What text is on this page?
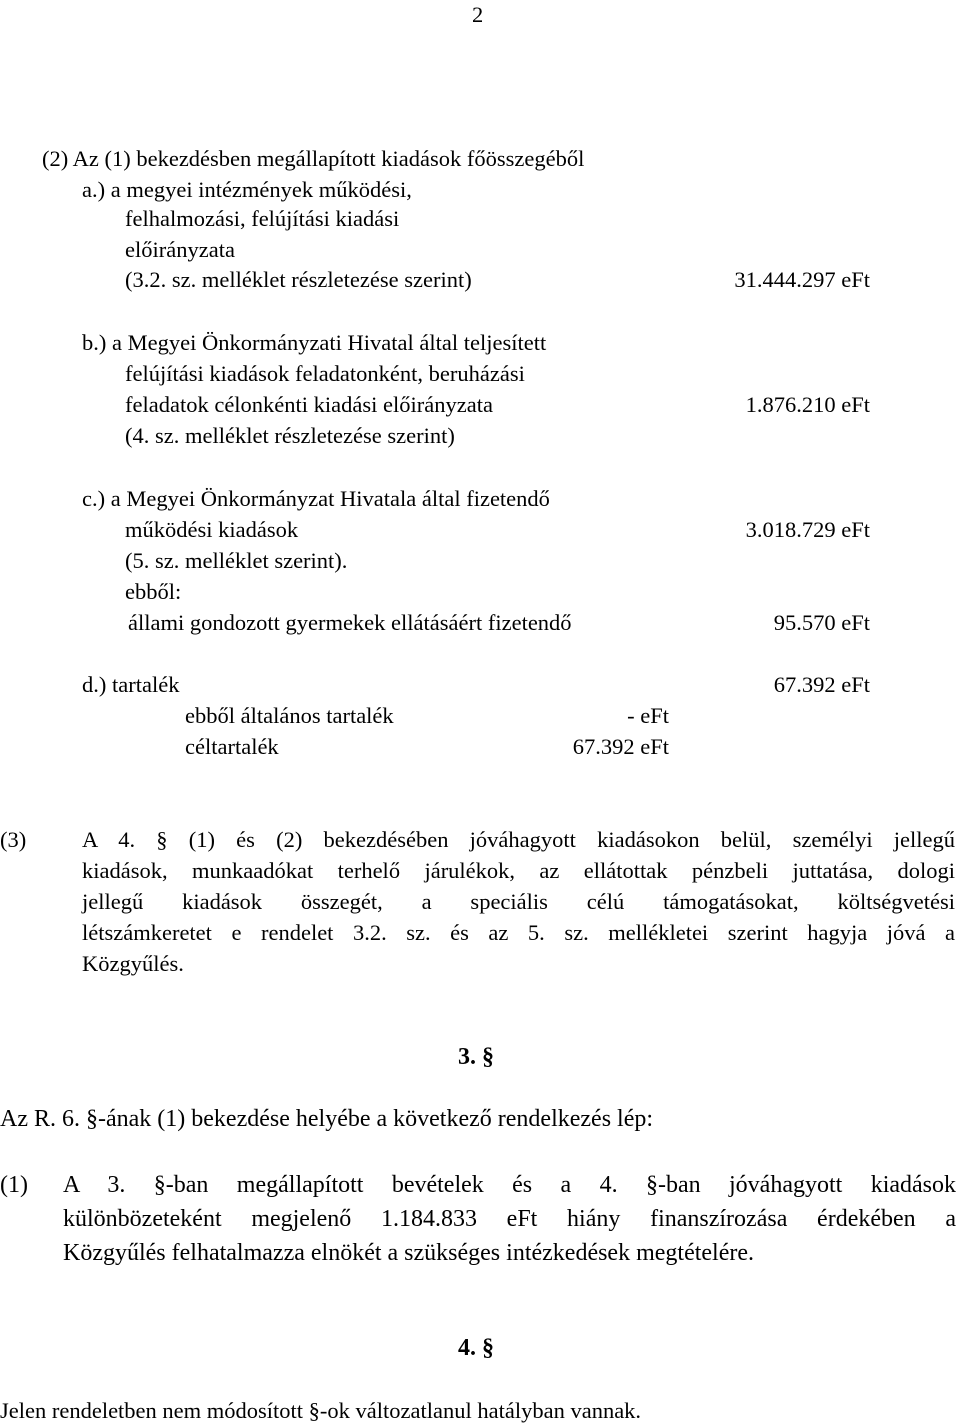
2
(2) Az (1) bekezdésben megállapított kiadások főösszegéből
a.) a megyei intézmények működési,
felhalmozási, felújítási kiadási
előirányzata
(3.2. sz. melléklet részletezése szerint)	31.444.297 eFt
b.) a Megyei Önkormányzati Hivatal által teljesített
felújítási kiadások feladatonként, beruházási
feladatok célonkénti kiadási előirányzata	1.876.210 eFt
(4. sz. melléklet részletezése szerint)
c.) a Megyei Önkormányzat Hivatala által fizetendő
működési kiadások	3.018.729 eFt
(5. sz. melléklet szerint).
ebből:
állami gondozott gyermekek ellátásáért fizetendő	95.570 eFt
d.) tartalék	67.392 eFt
ebből általános tartalék	- eFt
céltartalék	67.392 eFt
(3) A 4. § (1) és (2) bekezdésében jóváhagyott kiadásokon belül, személyi jellegű
kiadások, munkaadókat terhelő járulékok, az ellátottak pénzbeli juttatása, dologi
jellegű kiadások összegét, a speciális célú támogatásokat, költségvetési
létszámkeretet e rendelet 3.2. sz. és az 5. sz. mellékletei szerint hagyja jóvá a
Közgyűlés.
3. §
Az R. 6. §-ának (1) bekezdése helyébe a következő rendelkezés lép:
(1) A 3. §-ban megállapított bevételek és a 4. §-ban jóváhagyott kiadások
különbözeteként megjelenő 1.184.833 eFt hiány finanszírozása érdekében a
Közgyűlés felhatalmazza elnökét a szükséges intézkedések megtételére.
4. §
Jelen rendeletben nem módosított §-ok változatlanul hatályban vannak.
